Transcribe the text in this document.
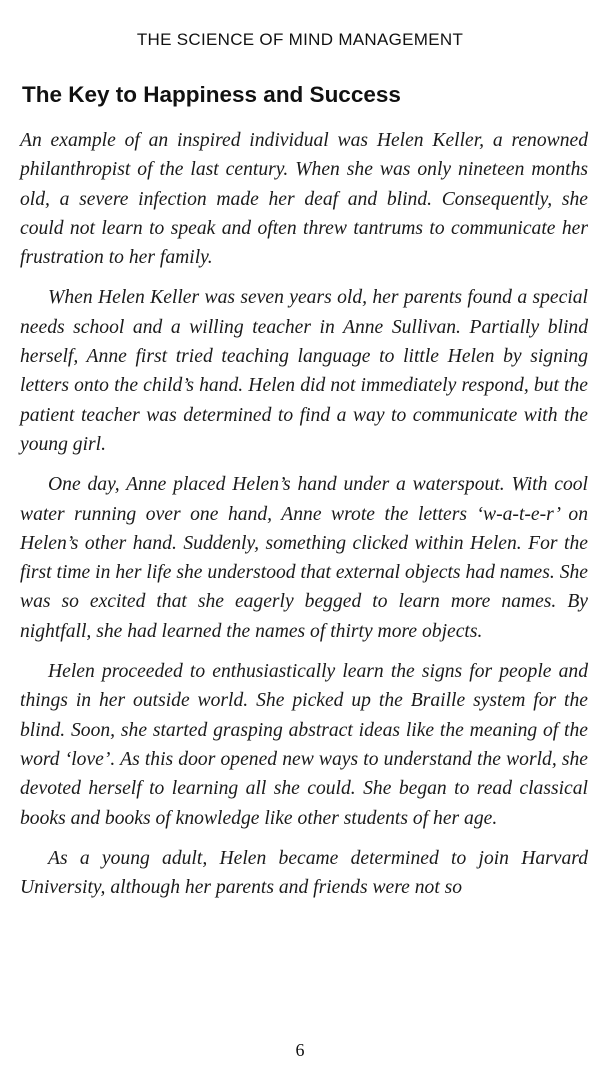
THE SCIENCE OF MIND MANAGEMENT
The Key to Happiness and Success

An example of an inspired individual was Helen Keller, a renowned philanthropist of the last century. When she was only nineteen months old, a severe infection made her deaf and blind. Consequently, she could not learn to speak and often threw tantrums to communicate her frustration to her family.

When Helen Keller was seven years old, her parents found a special needs school and a willing teacher in Anne Sullivan. Partially blind herself, Anne first tried teaching language to little Helen by signing letters onto the child’s hand. Helen did not immediately respond, but the patient teacher was determined to find a way to communicate with the young girl.

One day, Anne placed Helen’s hand under a waterspout. With cool water running over one hand, Anne wrote the letters ‘w-a-t-e-r’ on Helen’s other hand. Suddenly, something clicked within Helen. For the first time in her life she understood that external objects had names. She was so excited that she eagerly begged to learn more names. By nightfall, she had learned the names of thirty more objects.

Helen proceeded to enthusiastically learn the signs for people and things in her outside world. She picked up the Braille system for the blind. Soon, she started grasping abstract ideas like the meaning of the word ‘love’. As this door opened new ways to understand the world, she devoted herself to learning all she could. She began to read classical books and books of knowledge like other students of her age.

As a young adult, Helen became determined to join Harvard University, although her parents and friends were not so

6
